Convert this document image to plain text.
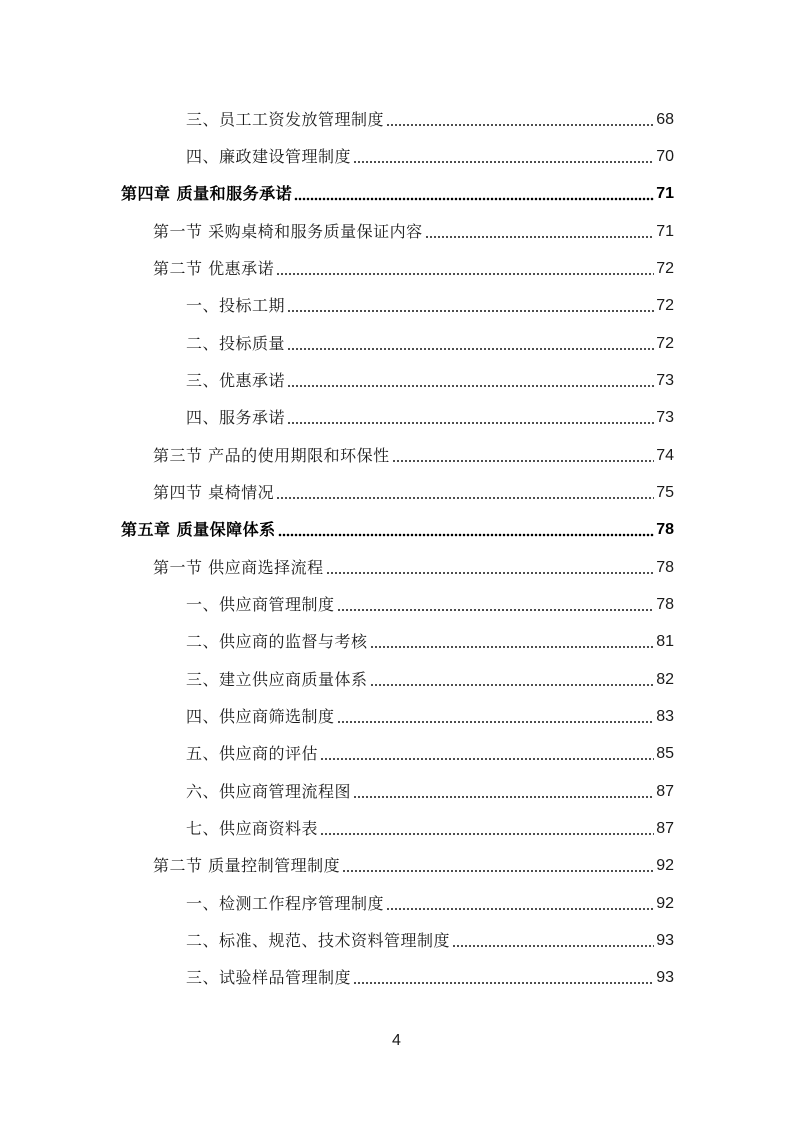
三、员工工资发放管理制度	68
四、廉政建设管理制度	70
第四章 质量和服务承诺	71
第一节 采购桌椅和服务质量保证内容	71
第二节 优惠承诺	72
一、投标工期	72
二、投标质量	72
三、优惠承诺	73
四、服务承诺	73
第三节 产品的使用期限和环保性	74
第四节 桌椅情况	75
第五章 质量保障体系	78
第一节 供应商选择流程	78
一、供应商管理制度	78
二、供应商的监督与考核	81
三、建立供应商质量体系	82
四、供应商筛选制度	83
五、供应商的评估	85
六、供应商管理流程图	87
七、供应商资料表	87
第二节 质量控制管理制度	92
一、检测工作程序管理制度	92
二、标准、规范、技术资料管理制度	93
三、试验样品管理制度	93
4
